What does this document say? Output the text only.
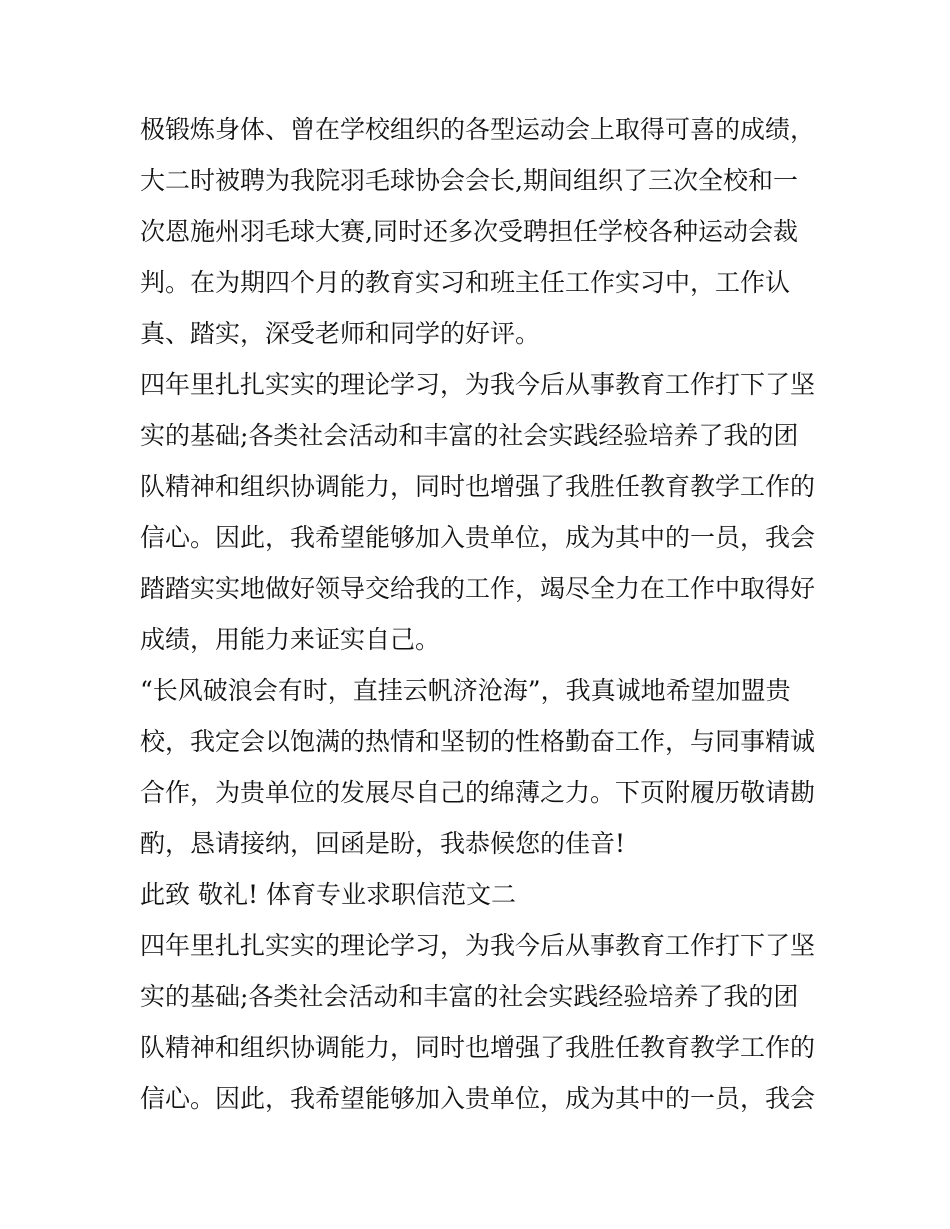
极锻炼身体、曾在学校组织的各型运动会上取得可喜的成绩，
大二时被聘为我院羽毛球协会会长,期间组织了三次全校和一
次恩施州羽毛球大赛,同时还多次受聘担任学校各种运动会裁
判。在为期四个月的教育实习和班主任工作实习中，工作认
真、踏实，深受老师和同学的好评。
四年里扎扎实实的理论学习，为我今后从事教育工作打下了坚
实的基础;各类社会活动和丰富的社会实践经验培养了我的团
队精神和组织协调能力，同时也增强了我胜任教育教学工作的
信心。因此，我希望能够加入贵单位，成为其中的一员，我会
踏踏实实地做好领导交给我的工作，竭尽全力在工作中取得好
成绩，用能力来证实自己。
“长风破浪会有时，直挂云帆济沧海”，我真诚地希望加盟贵
校，我定会以饱满的热情和坚韧的性格勤奋工作，与同事精诚
合作，为贵单位的发展尽自己的绵薄之力。下页附履历敬请勘
酌，恳请接纳，回函是盼，我恭候您的佳音!
此致 敬礼! 体育专业求职信范文二
四年里扎扎实实的理论学习，为我今后从事教育工作打下了坚
实的基础;各类社会活动和丰富的社会实践经验培养了我的团
队精神和组织协调能力，同时也增强了我胜任教育教学工作的
信心。因此，我希望能够加入贵单位，成为其中的一员，我会
